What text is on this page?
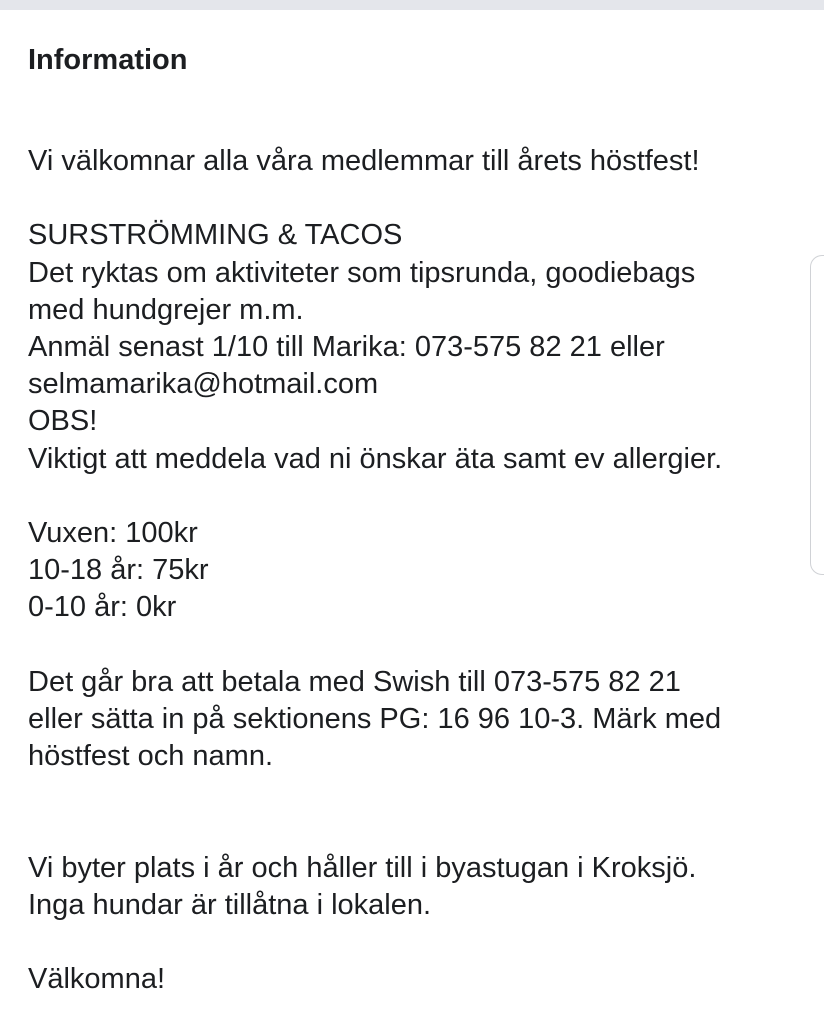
Information
Vi välkomnar alla våra medlemmar till årets höstfest!
SURSTRÖMMING & TACOS
Det ryktas om aktiviteter som tipsrunda, goodiebags
med hundgrejer m.m.
Anmäl senast 1/10 till Marika: 073-575 82 21 eller
selmamarika@hotmail.com
OBS!
Viktigt att meddela vad ni önskar äta samt ev allergier.
Vuxen: 100kr
10-18 år: 75kr
0-10 år: 0kr
Det går bra att betala med Swish till 073-575 82 21
eller sätta in på sektionens PG: 16 96 10-3. Märk med
höstfest och namn.
Vi byter plats i år och håller till i byastugan i Kroksjö.
Inga hundar är tillåtna i lokalen.
Välkomna!
